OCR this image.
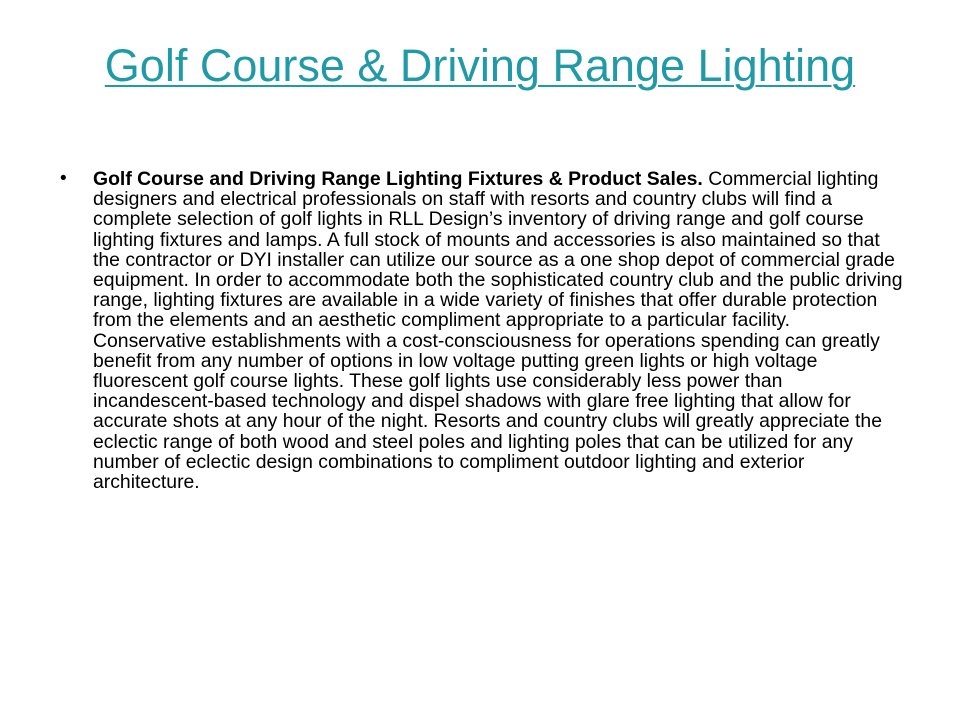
Golf Course & Driving Range Lighting
• Golf Course and Driving Range Lighting Fixtures & Product Sales. Commercial lighting designers and electrical professionals on staff with resorts and country clubs will find a complete selection of golf lights in RLL Design’s inventory of driving range and golf course lighting fixtures and lamps. A full stock of mounts and accessories is also maintained so that the contractor or DYI installer can utilize our source as a one shop depot of commercial grade equipment. In order to accommodate both the sophisticated country club and the public driving range, lighting fixtures are available in a wide variety of finishes that offer durable protection from the elements and an aesthetic compliment appropriate to a particular facility. Conservative establishments with a cost-consciousness for operations spending can greatly benefit from any number of options in low voltage putting green lights or high voltage fluorescent golf course lights. These golf lights use considerably less power than incandescent-based technology and dispel shadows with glare free lighting that allow for accurate shots at any hour of the night. Resorts and country clubs will greatly appreciate the eclectic range of both wood and steel poles and lighting poles that can be utilized for any number of eclectic design combinations to compliment outdoor lighting and exterior architecture.
